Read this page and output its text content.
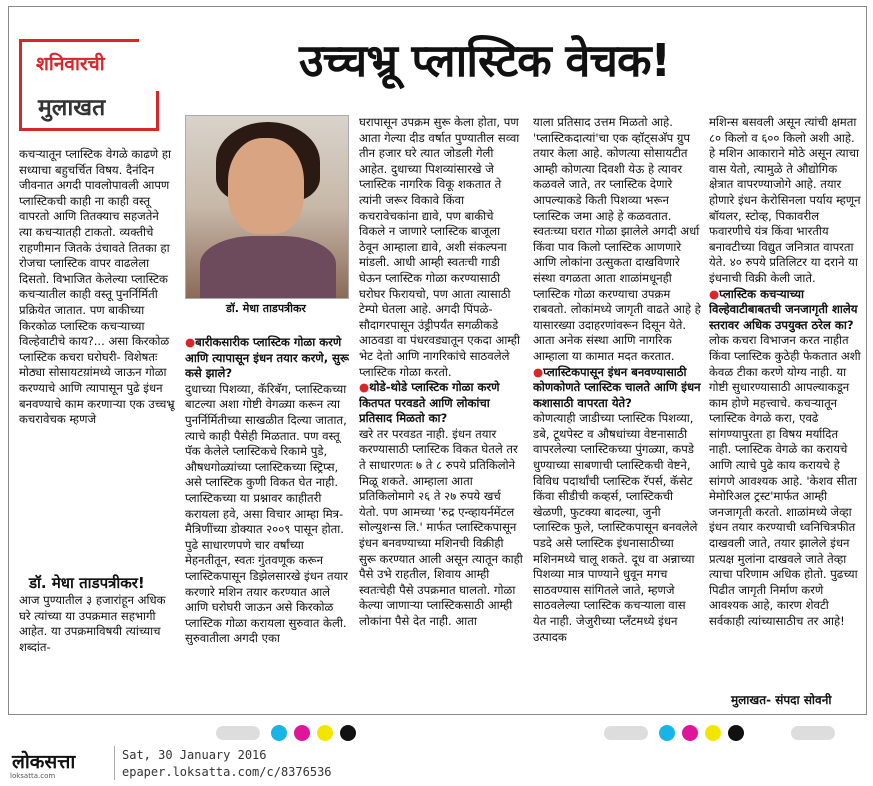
शनिवारची
मुलाखत
उच्चभ्रू प्लास्टिक वेचक!

कचऱ्यातून प्लास्टिक वेगळे काढणे हा सध्याचा बहुचर्चित विषय. दैनंदिन जीवनात अगदी पावलोपावली आपण प्लास्टिकची काही ना काही वस्तू वापरतो आणि तितक्याच सहजतेने त्या कचऱ्यातही टाकतो. व्यक्तीचे राहणीमान जितके उंचावते तितका हा रोजचा प्लास्टिक वापर वाढलेला दिसतो. विभाजित केलेल्या प्लास्टिक कचऱ्यातील काही वस्तू पुनर्निर्मिती प्रक्रियेत जातात. पण बाकीच्या किरकोळ प्लास्टिक कचऱ्याच्या विल्हेवाटीचे काय?... असा किरकोळ प्लास्टिक कचरा घरोघरी- विशेषतः मोठ्या सोसायटय़ांमध्ये जाऊन गोळा करण्याचे आणि त्यापासून पुढे इंधन बनवण्याचे काम करणाऱ्या एक उच्चभ्रू कचरावेचक म्हणजे

डॉ. मेधा ताडपत्रीकर!

आज पुण्यातील ३ हजारांहून अधिक घरे त्यांच्या या उपक्रमात सहभागी आहेत. या उपक्रमाविषयी त्यांच्याच शब्दांत-

डॉ. मेधा ताडपत्रीकर

●बारीकसारीक प्लास्टिक गोळा करणे आणि त्यापासून इंधन तयार करणे, सुरू कसे झाले?

दुधाच्या पिशव्या, कॅरिबॅग, प्लास्टिकच्या बाटल्या अशा गोष्टी वेगळ्या करून त्या पुनर्निर्मितीच्या साखळीत दिल्या जातात, त्याचे काही पैसेही मिळतात. पण वस्तू पॅक केलेले प्लास्टिकचे रिकामे पुडे, औषधगोळ्यांच्या प्लास्टिकच्या स्ट्रिप्स, असे प्लास्टिक कुणी विकत घेत नाही. प्लास्टिकच्या या प्रश्नावर काहीतरी करायला हवे, असा विचार आम्हा मित्र-मैत्रिणींच्या डोक्यात २००९ पासून होता. पुढे साधारणपणे चार वर्षांच्या मेहनतीतून, स्वतः गुंतवणूक करून प्लास्टिकपासून डिझेलसारखे इंधन तयार करणारे मशिन तयार करण्यात आले आणि घरोघरी जाऊन असे किरकोळ प्लास्टिक गोळा करायला सुरुवात केली. सुरुवातीला अगदी एका

घरापासून उपक्रम सुरू केला होता, पण आता गेल्या दीड वर्षात पुण्यातील सव्वा तीन हजार घरे त्यात जोडली गेली आहेत. दुधाच्या पिशव्यांसारखे जे प्लास्टिक नागरिक विकू शकतात ते त्यांनी जरूर विकावे किंवा कचरावेचकांना द्यावे, पण बाकीचे विकले न जाणारे प्लास्टिक बाजूला ठेवून आम्हाला द्यावे, अशी संकल्पना मांडली. आधी आम्ही स्वतःची गाडी घेऊन प्लास्टिक गोळा करण्यासाठी घरोघर फिरायचो, पण आता त्यासाठी टेम्पो घेतला आहे. अगदी पिंपळे-सौदागरपासून उंड्रीपर्यंत सगळीकडे आठवडा वा पंधरवड्यातून एकदा आम्ही भेट देतो आणि नागरिकांचे साठवलेले प्लास्टिक गोळा करतो.

●थोडे-थोडे प्लास्टिक गोळा करणे कितपत परवडते आणि लोकांचा प्रतिसाद मिळतो का?

खरे तर परवडत नाही. इंधन तयार करण्यासाठी प्लास्टिक विकत घेतले तर ते साधारणतः ७ ते ८ रुपये प्रतिकिलोने मिळू शकते. आम्हाला आता प्रतिकिलोमागे २६ ते २७ रुपये खर्च येतो. पण आमच्या 'रुद्र एन्व्हायर्नमेंटल सोल्युशन्स लि.' मार्फत प्लास्टिकपासून इंधन बनवण्याच्या मशिनची विक्रीही सुरू करण्यात आली असून त्यातून काही पैसे उभे राहतील, शिवाय आम्ही स्वतःचेही पैसे उपक्रमात घालतो. गोळा केल्या जाणाऱ्या प्लास्टिकसाठी आम्ही लोकांना पैसे देत नाही. आता

याला प्रतिसाद उत्तम मिळतो आहे. 'प्लास्टिकदात्यां'चा एक व्हॉट्सअ‍ॅप ग्रुप तयार केला आहे. कोणत्या सोसायटीत आम्ही कोणत्या दिवशी येऊ हे त्यावर कळवले जाते, तर प्लास्टिक देणारे आपल्याकडे किती पिशव्या भरून प्लास्टिक जमा आहे हे कळवतात. स्वतःच्या घरात गोळा झालेले अगदी अर्धा किंवा पाव किलो प्लास्टिक आणणारे आणि लोकांना उत्सुकता दाखविणारे संस्था वगळता आता शाळांमधूनही प्लास्टिक गोळा करण्याचा उपक्रम राबवतो. लोकांमध्ये जागृती वाढते आहे हे यासारख्या उदाहरणांवरून दिसून येते. आता अनेक संस्था आणि नागरिक आम्हाला या कामात मदत करतात.

●प्लास्टिकपासून इंधन बनवण्यासाठी कोणकोणते प्लास्टिक चालते आणि इंधन कशासाठी वापरता येते?

कोणत्याही जाडीच्या प्लास्टिक पिशव्या, डबे, टूथपेस्ट व औषधांच्या वेष्टनासाठी वापरलेल्या प्लास्टिकच्या पुंगळ्या, कपडे धुण्याच्या साबणाची प्लास्टिकची वेष्टने, विविध पदार्थांची प्लास्टिक रॅपर्स, कॅसेट किंवा सीडीची कव्हर्स, प्लास्टिकची खेळणी, फुटक्या बादल्या, जुनी प्लास्टिक फुले, प्लास्टिकपासून बनवलेले पडदे असे प्लास्टिक इंधनासाठीच्या मशिनमध्ये चालू शकते. दूध वा अन्नाच्या पिशव्या मात्र पाण्याने धुवून मगच साठवण्यास सांगितले जाते, म्हणजे साठवलेल्या प्लास्टिक कचऱ्याला वास येत नाही. जेजुरीच्या प्लॅंटमध्ये इंधन उत्पादक

मशिन्स बसवली असून त्यांची क्षमता ८० किलो व ६०० किलो अशी आहे. हे मशिन आकाराने मोठे असून त्याचा वास येतो, त्यामुळे ते औद्योगिक क्षेत्रात वापरण्याजोगे आहे. तयार होणारे इंधन केरोसिनला पर्याय म्हणून बॉयलर, स्टोव्ह, पिकावरील फवारणीचे यंत्र किंवा भारतीय बनावटीच्या विद्युत जनित्रात वापरता येते. ४० रुपये प्रतिलिटर या दराने या इंधनाची विक्री केली जाते.

●प्लास्टिक कचऱ्याच्या विल्हेवाटीबाबतची जनजागृती शालेय स्तरावर अधिक उपयुक्त ठरेल का?

लोक कचरा विभाजन करत नाहीत किंवा प्लास्टिक कुठेही फेकतात अशी केवळ टीका करणे योग्य नाही. या गोष्टी सुधारण्यासाठी आपल्याकडून काम होणे महत्त्वाचे. कचऱ्यातून प्लास्टिक वेगळे करा, एवढे सांगण्यापुरता हा विषय मर्यादित नाही. प्लास्टिक वेगळे का करायचे आणि त्याचे पुढे काय करायचे हे सांगणे आवश्यक आहे. 'केशव सीता मेमोरिअल ट्रस्ट'मार्फत आम्ही जनजागृती करतो. शाळांमध्ये जेव्हा इंधन तयार करण्याची ध्वनिचित्रफीत दाखवली जाते, तयार झालेले इंधन प्रत्यक्ष मुलांना दाखवले जाते तेव्हा त्याचा परिणाम अधिक होतो. पुढच्या पिढीत जागृती निर्माण करणे आवश्यक आहे, कारण शेवटी सर्वकाही त्यांच्यासाठीच तर आहे!

मुलाखत- संपदा सोवनी

लोकसत्ता
loksatta.com
Sat, 30 January 2016
epaper.loksatta.com/c/8376536
